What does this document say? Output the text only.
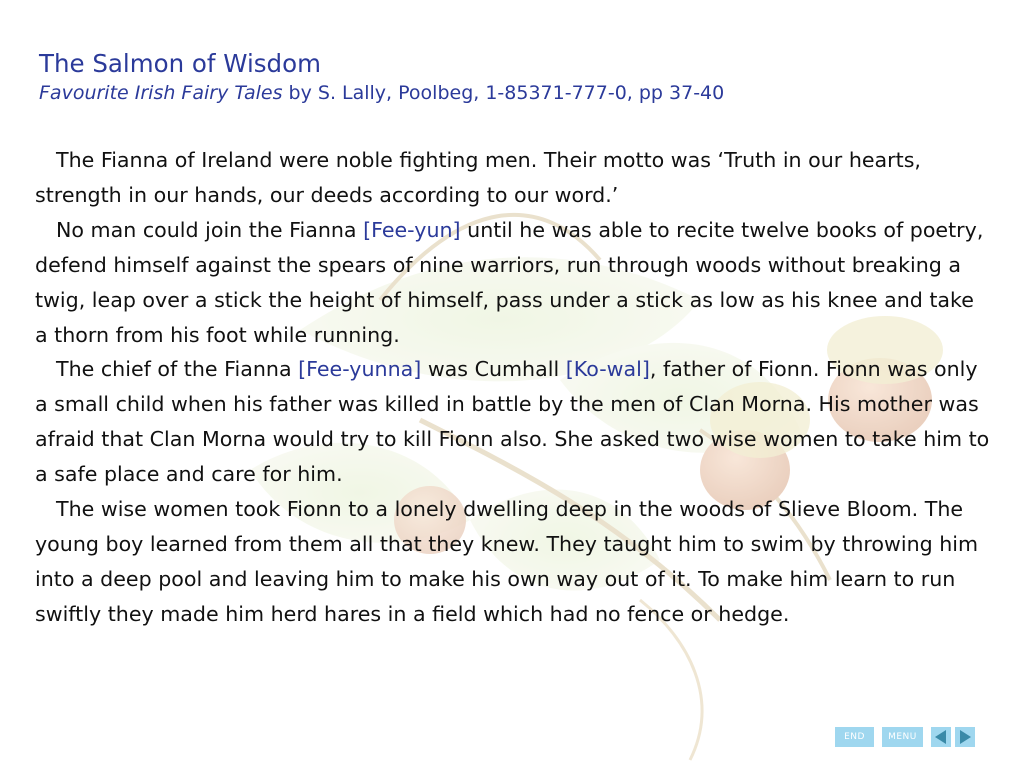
The Salmon of Wisdom
Favourite Irish Fairy Tales by S. Lally, Poolbeg, 1-85371-777-0, pp 37-40

The Fianna of Ireland were noble fighting men. Their motto was ‘Truth in our hearts, strength in our hands, our deeds according to our word.’

No man could join the Fianna [Fee-yun] until he was able to recite twelve books of poetry, defend himself against the spears of nine warriors, run through woods without breaking a twig, leap over a stick the height of himself, pass under a stick as low as his knee and take a thorn from his foot while running.

The chief of the Fianna [Fee-yunna] was Cumhall [Ko-wal], father of Fionn. Fionn was only a small child when his father was killed in battle by the men of Clan Morna. His mother was afraid that Clan Morna would try to kill Fionn also. She asked two wise women to take him to a safe place and care for him.

The wise women took Fionn to a lonely dwelling deep in the woods of Slieve Bloom. The young boy learned from them all that they knew. They taught him to swim by throwing him into a deep pool and leaving him to make his own way out of it. To make him learn to run swiftly they made him herd hares in a field which had no fence or hedge.

END	MENU
